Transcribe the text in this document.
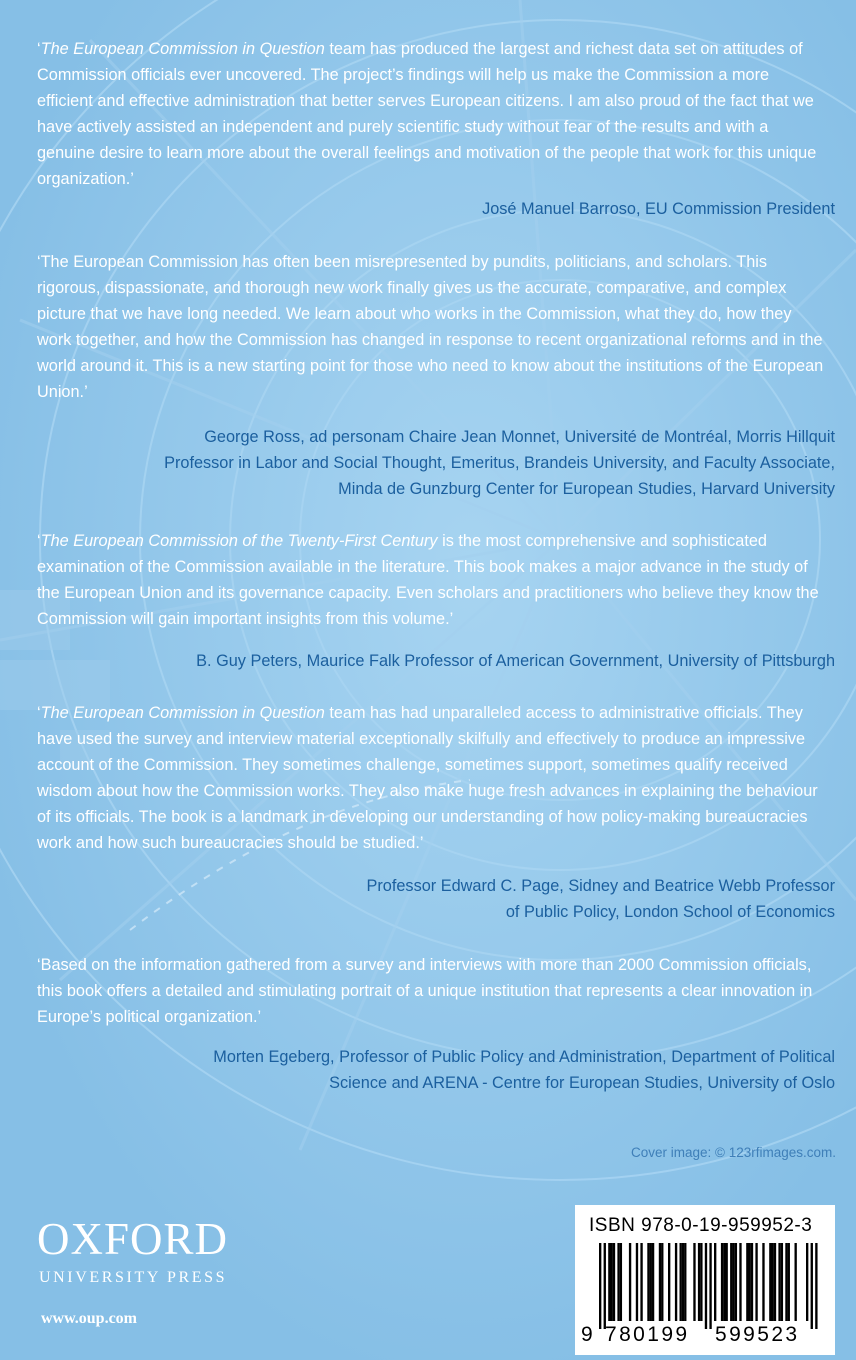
‘The European Commission in Question team has produced the largest and richest data set on attitudes of Commission officials ever uncovered. The project’s findings will help us make the Commission a more efficient and effective administration that better serves European citizens. I am also proud of the fact that we have actively assisted an independent and purely scientific study without fear of the results and with a genuine desire to learn more about the overall feelings and motivation of the people that work for this unique organization.’

José Manuel Barroso, EU Commission President

‘The European Commission has often been misrepresented by pundits, politicians, and scholars. This rigorous, dispassionate, and thorough new work finally gives us the accurate, comparative, and complex picture that we have long needed. We learn about who works in the Commission, what they do, how they work together, and how the Commission has changed in response to recent organizational reforms and in the world around it. This is a new starting point for those who need to know about the institutions of the European Union.’

George Ross, ad personam Chaire Jean Monnet, Université de Montréal, Morris Hillquit
Professor in Labor and Social Thought, Emeritus, Brandeis University, and Faculty Associate,
Minda de Gunzburg Center for European Studies, Harvard University

‘The European Commission of the Twenty-First Century is the most comprehensive and sophisticated examination of the Commission available in the literature. This book makes a major advance in the study of the European Union and its governance capacity. Even scholars and practitioners who believe they know the Commission will gain important insights from this volume.’

B. Guy Peters, Maurice Falk Professor of American Government, University of Pittsburgh

‘The European Commission in Question team has had unparalleled access to administrative officials. They have used the survey and interview material exceptionally skilfully and effectively to produce an impressive account of the Commission. They sometimes challenge, sometimes support, sometimes qualify received wisdom about how the Commission works. They also make huge fresh advances in explaining the behaviour of its officials. The book is a landmark in developing our understanding of how policy-making bureaucracies work and how such bureaucracies should be studied.’

Professor Edward C. Page, Sidney and Beatrice Webb Professor
of Public Policy, London School of Economics

‘Based on the information gathered from a survey and interviews with more than 2000 Commission officials, this book offers a detailed and stimulating portrait of a unique institution that represents a clear innovation in Europe’s political organization.’

Morten Egeberg, Professor of Public Policy and Administration, Department of Political
Science and ARENA - Centre for European Studies, University of Oslo
Cover image: © 123rfimages.com.
OXFORD
UNIVERSITY PRESS
www.oup.com
ISBN 978-0-19-959952-3
9 780199 599523
